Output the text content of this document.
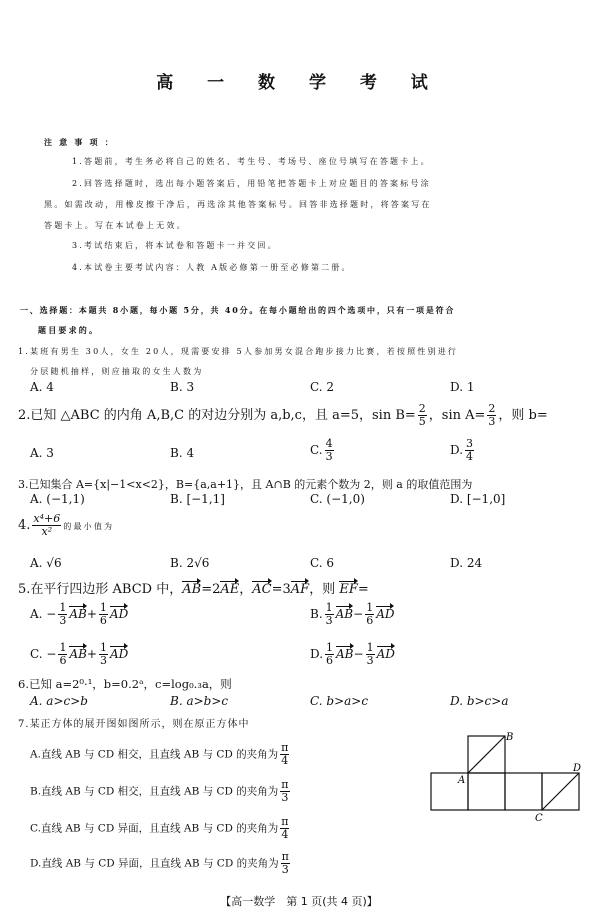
高 一 数 学 考 试
注 意 事 项 ：
1.答题前，考生务必将自己的姓名、考生号、考场号、座位号填写在答题卡上。
2.回答选择题时，选出每小题答案后，用铅笔把答题卡上对应题目的答案标号涂
黑。如需改动，用橡皮擦干净后，再选涂其他答案标号。回答非选择题时，将答案写在
答题卡上。写在本试卷上无效。
3.考试结束后，将本试卷和答题卡一并交回。
4.本试卷主要考试内容：人教 A版必修第一册至必修第二册。
一、选择题：本题共 8小题，每小题 5分，共 40分。在每小题给出的四个选项中，只有一项是符合
题目要求的。
1.某班有男生 30人，女生 20人，现需要安排 5人参加男女混合跑步接力比赛，若按照性别进行
分层随机抽样，则应抽取的女生人数为
A. 4	B. 3	C. 2	D. 1
2.已知 △ABC 的内角 A,B,C 的对边分别为 a,b,c，且 a=5，$\sin B= \frac{2}{5}$ ，$\sin A= \frac{2}{3}$ ，则 b=
A. 3	B. 4	C. $\frac{4}{3}$	D. $\frac{3}{4}$
3.已知集合 A={x|−1<x<2}，B={a,a+1}，且 A∩B 的元素个数为 2，则 a 的取值范围为
A. (−1,1)	B. [−1,1]	C. (−1,0)	D. [−1,0]
4. $\frac{\text{x⁴+6}}{\text{x²}}$ 的最小值为
A. √6	B. 2√6	C. 6	D. 24
5.在平行四边形 ABCD 中，AB=2AE，AC=3AF，则 EF=
A. − $\frac{1}{3} AB+ \frac{1}{6}$ AD	B. $\frac{1}{3} AB- \frac{1}{6}$ AD
C. − $\frac{1}{6} AB+ \frac{1}{3}$ AD	D. $\frac{1}{6} AB- \frac{1}{3}$ AD
6.已知 a=2⁰·¹，b=0.2ᵃ，c=log₀.₃a，则
A. a>c>b	B. a>b>c	C. b>a>c	D. b>c>a
7.某正方体的展开图如图所示，则在原正方体中
A.直线 AB 与 CD 相交，且直线 AB 与 CD 的夹角为 $\frac{\pi}{4}$
B.直线 AB 与 CD 相交，且直线 AB 与 CD 的夹角为 $\frac{\pi}{3}$
C.直线 AB 与 CD 异面，且直线 AB 与 CD 的夹角为 $\frac{\pi}{4}$
D.直线 AB 与 CD 异面，且直线 AB 与 CD 的夹角为 $\frac{\pi}{3}$
B
A
C
D
【高一数学　第 1 页(共 4 页)】
